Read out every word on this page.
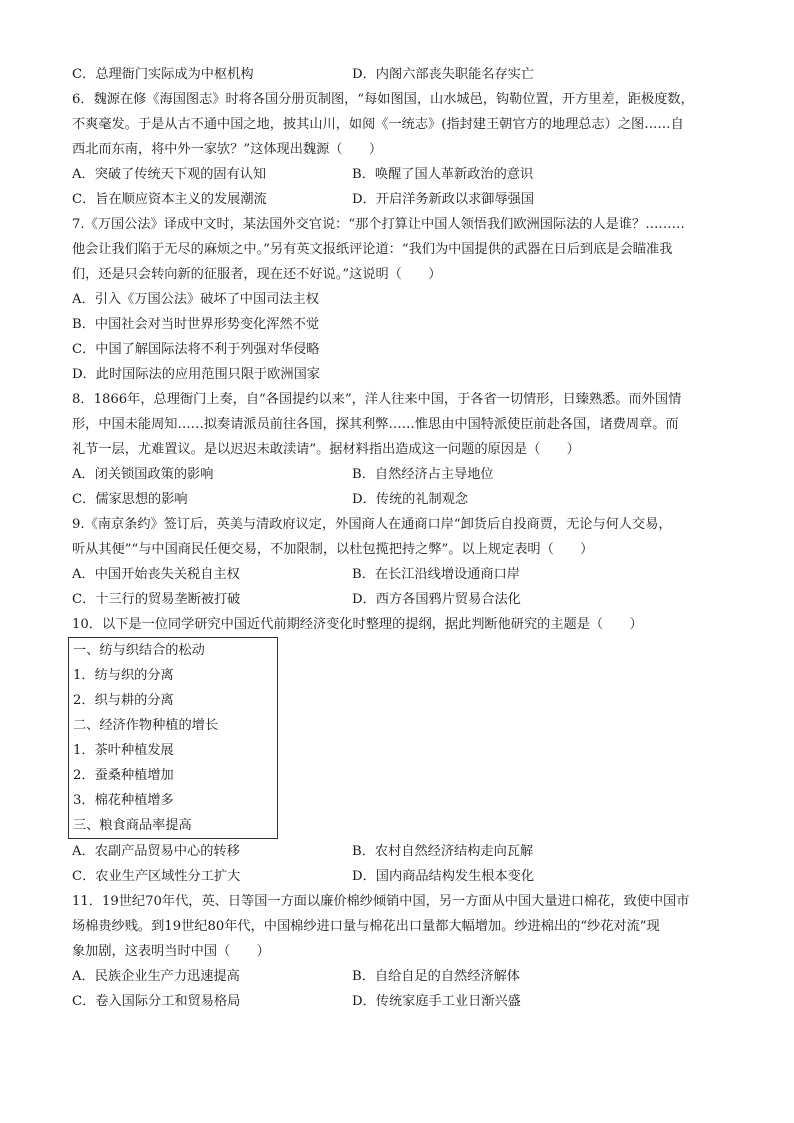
C．总理衙门实际成为中枢机构	D．内阁六部丧失职能名存实亡
6．魏源在修《海国图志》时将各国分册页制图，“每如图国，山水城邑，钩勒位置，开方里差，距极度数，
不爽毫发。于是从古不通中国之地，披其山川，如阅《一统志》(指封建王朝官方的地理总志）之图……自
西北而东南，将中外一家欤？”这体现出魏源（　　）
A．突破了传统天下观的固有认知	B．唤醒了国人革新政治的意识
C．旨在顺应资本主义的发展潮流	D．开启洋务新政以求御辱强国
7.《万国公法》译成中文时，某法国外交官说：“那个打算让中国人领悟我们欧洲国际法的人是谁？………
他会让我们陷于无尽的麻烦之中。”另有英文报纸评论道：“我们为中国提供的武器在日后到底是会瞄准我
们，还是只会转向新的征服者，现在还不好说。”这说明（　　）
A．引入《万国公法》破坏了中国司法主权
B．中国社会对当时世界形势变化浑然不觉
C．中国了解国际法将不利于列强对华侵略
D．此时国际法的应用范围只限于欧洲国家
8．1866年，总理衙门上奏，自“各国提约以来”，洋人往来中国，于各省一切情形，日臻熟悉。而外国情
形，中国未能周知……拟奏请派员前往各国，探其利弊……惟思由中国特派使臣前赴各国，诸费周章。而
礼节一层，尤难置议。是以迟迟未敢渎请”。据材料指出造成这一问题的原因是（　　）
A．闭关锁国政策的影响	B．自然经济占主导地位
C．儒家思想的影响	D．传统的礼制观念
9.《南京条约》签订后，英美与清政府议定，外国商人在通商口岸“卸货后自投商贾，无论与何人交易，
听从其便”“与中国商民任便交易，不加限制，以杜包揽把持之弊”。以上规定表明（　　）
A．中国开始丧失关税自主权	B．在长江沿线增设通商口岸
C．十三行的贸易垄断被打破	D．西方各国鸦片贸易合法化
10．以下是一位同学研究中国近代前期经济变化时整理的提纲，据此判断他研究的主题是（　　）
一、纺与织结合的松动
1．纺与织的分离
2．织与耕的分离
二、经济作物种植的增长
1．茶叶种植发展
2．蚕桑种植增加
3．棉花种植增多
三、粮食商品率提高
A．农副产品贸易中心的转移	B．农村自然经济结构走向瓦解
C．农业生产区域性分工扩大	D．国内商品结构发生根本变化
11．19世纪70年代，英、日等国一方面以廉价棉纱倾销中国，另一方面从中国大量进口棉花，致使中国市
场棉贵纱贱。到19世纪80年代，中国棉纱进口量与棉花出口量都大幅增加。纱进棉出的“纱花对流”现
象加剧，这表明当时中国（　　）
A．民族企业生产力迅速提高	B．自给自足的自然经济解体
C．卷入国际分工和贸易格局	D．传统家庭手工业日渐兴盛
